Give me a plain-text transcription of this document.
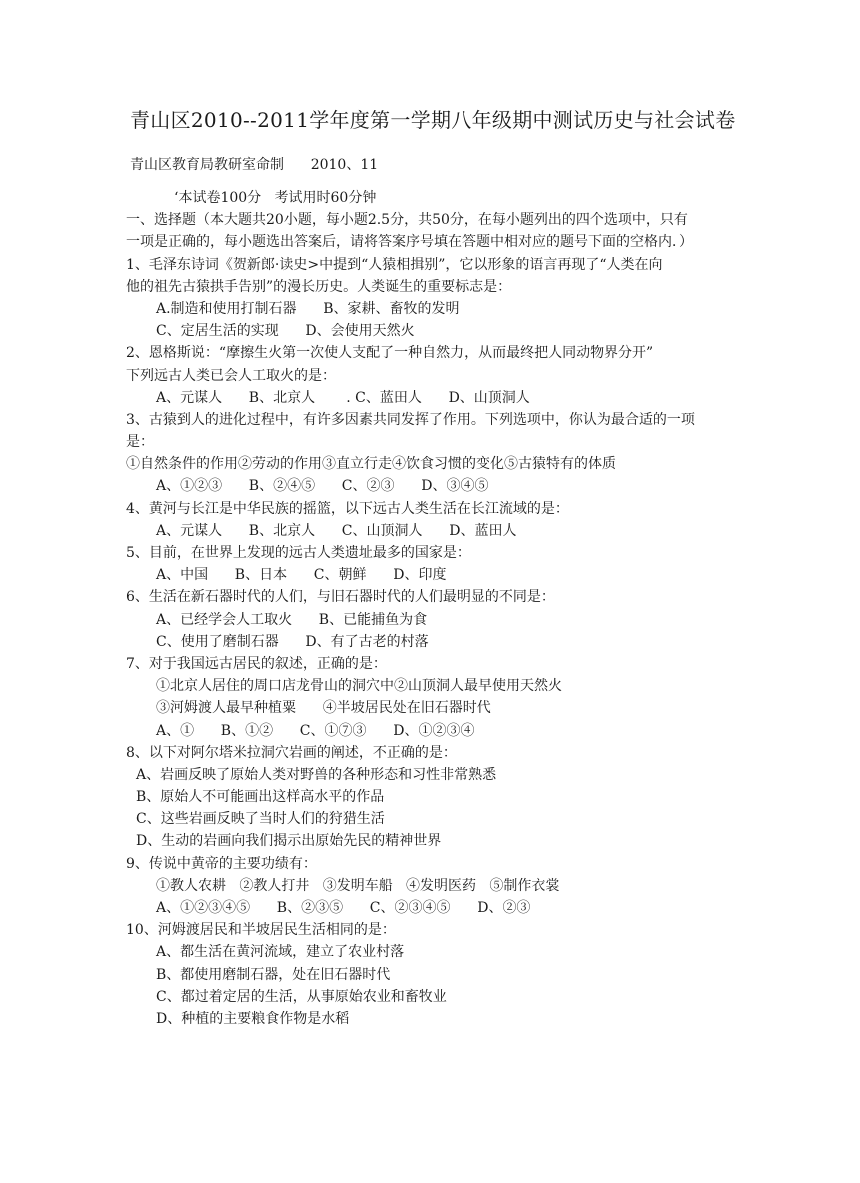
青山区2010--2011学年度第一学期八年级期中测试历史与社会试卷
青山区教育局教研室命制      2010、11
‘本试卷100分   考试用时60分钟
一、选择题（本大题共20小题，每小题2.5分，共50分，在每小题列出的四个选项中，只有
一项是正确的，每小题选出答案后，请将答案序号填在答题中相对应的题号下面的空格内．）
1、毛泽东诗词《贺新郎·读史>中提到“人猿相揖别”，它以形象的语言再现了“人类在向
他的祖先古猿拱手告别”的漫长历史。人类诞生的重要标志是：
A.制造和使用打制石器      B、家耕、畜牧的发明
C、定居生活的实现      D、会使用天然火
2、恩格斯说：“摩擦生火第一次使人支配了一种自然力，从而最终把人同动物界分开”
下列远古人类已会人工取火的是：
A、元谋人      B、北京人       . C、蓝田人      D、山顶洞人
3、古猿到人的进化过程中，有许多因素共同发挥了作用。下列选项中，你认为最合适的一项
是：
①自然条件的作用②劳动的作用③直立行走④饮食习惯的变化⑤古猿特有的体质
A、①②③      B、②④⑤      C、②③      D、③④⑤
4、黄河与长江是中华民族的摇篮，以下远古人类生活在长江流域的是：
A、元谋人      B、北京人      C、山顶洞人      D、蓝田人
5、目前，在世界上发现的远古人类遗址最多的国家是：
A、中国      B、日本      C、朝鲜      D、印度
6、生活在新石器时代的人们，与旧石器时代的人们最明显的不同是：
A、已经学会人工取火      B、已能捕鱼为食
C、使用了磨制石器      D、有了古老的村落
7、对于我国远古居民的叙述，正确的是：
①北京人居住的周口店龙骨山的洞穴中②山顶洞人最早使用天然火
③河姆渡人最早种植粟      ④半坡居民处在旧石器时代
A、①      B、①②      C、①⑦③      D、①②③④
8、以下对阿尔塔米拉洞穴岩画的阐述，不正确的是：
A、岩画反映了原始人类对野兽的各种形态和习性非常熟悉
B、原始人不可能画出这样高水平的作品
C、这些岩画反映了当时人们的狩猎生活
D、生动的岩画向我们揭示出原始先民的精神世界
9、传说中黄帝的主要功绩有：
①教人农耕   ②教人打井   ③发明车船   ④发明医药   ⑤制作衣裳
A、①②③④⑤      B、②③⑤      C、②③④⑤      D、②③
10、河姆渡居民和半坡居民生活相同的是：
A、都生活在黄河流域，建立了农业村落
B、都使用磨制石器，处在旧石器时代
C、都过着定居的生活，从事原始农业和畜牧业
D、种植的主要粮食作物是水稻
